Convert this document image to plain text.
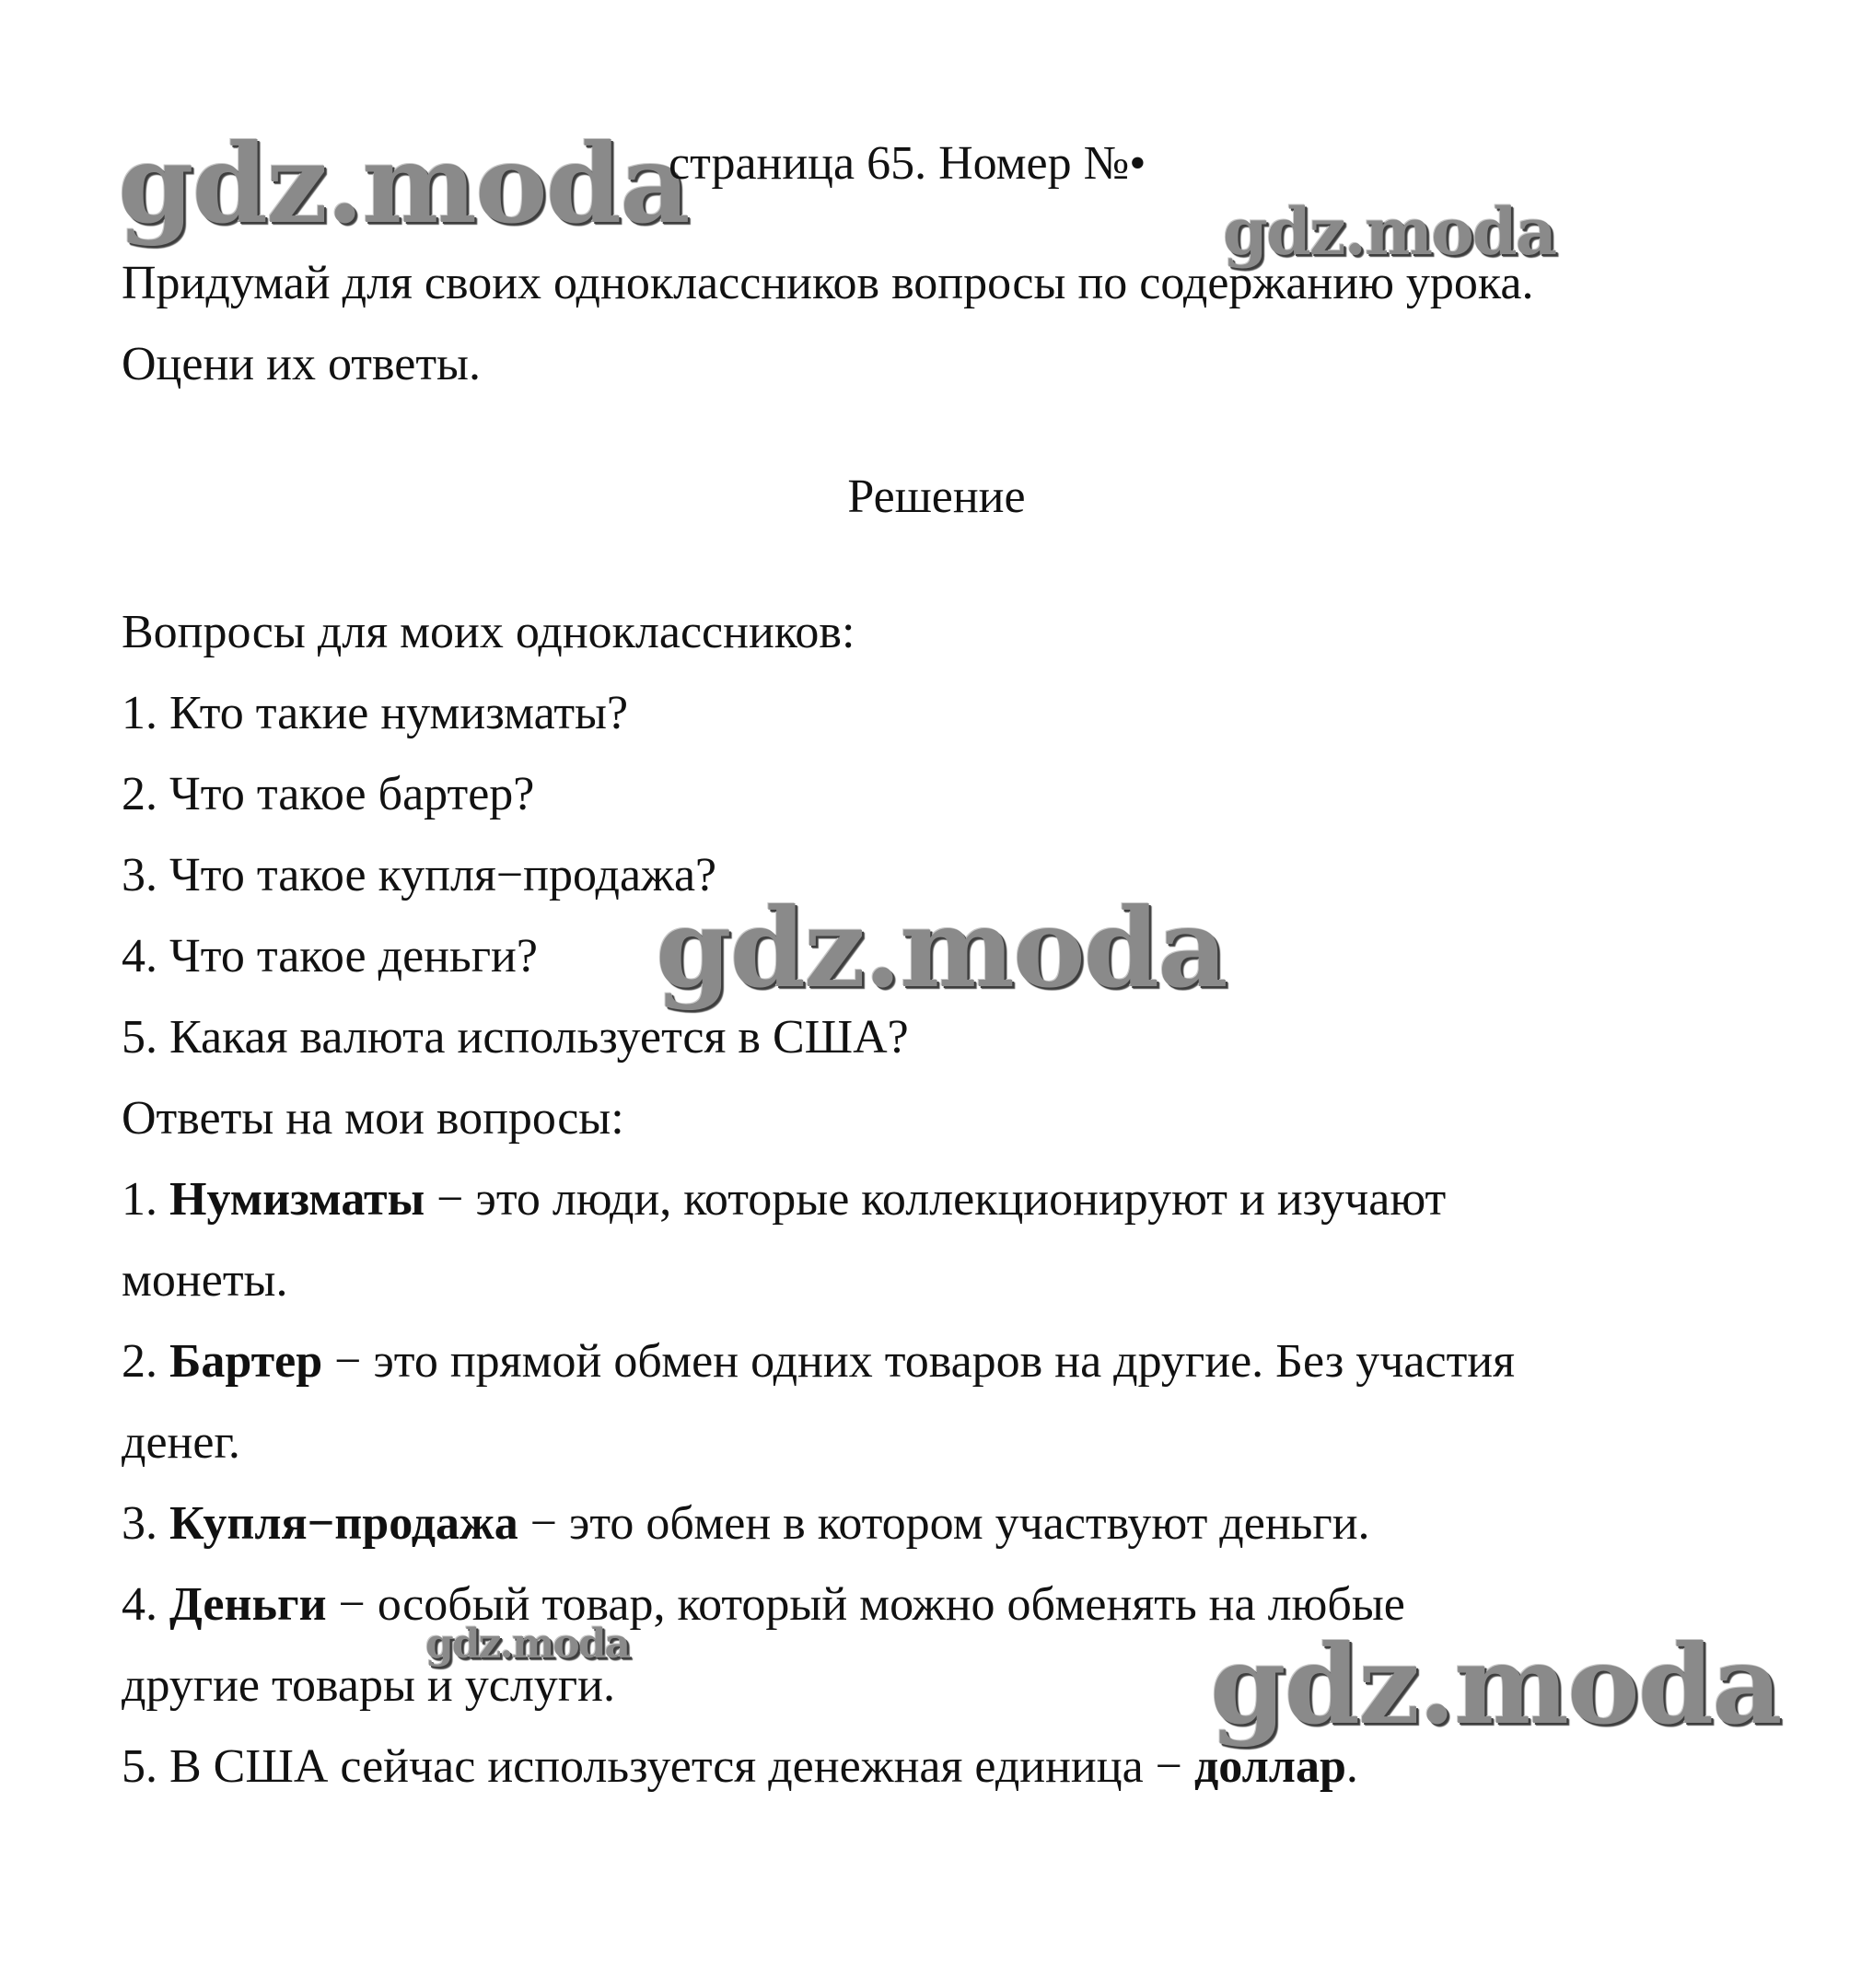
gdz.moda	gdz.moda
gdz.moda
gdz.moda	gdz.moda
страница 65. Номер №•
Придумай для своих одноклассников вопросы по содержанию урока.
Оцени их ответы.
Решение
Вопросы для моих одноклассников:
1. Кто такие нумизматы?
2. Что такое бартер?
3. Что такое купля−продажа?
4. Что такое деньги?
5. Какая валюта используется в США?
Ответы на мои вопросы:
1. Нумизматы − это люди, которые коллекционируют и изучают
монеты.
2. Бартер − это прямой обмен одних товаров на другие. Без участия
денег.
3. Купля−продажа − это обмен в котором участвуют деньги.
4. Деньги − особый товар, который можно обменять на любые
другие товары и услуги.
5. В США сейчас используется денежная единица − доллар.
